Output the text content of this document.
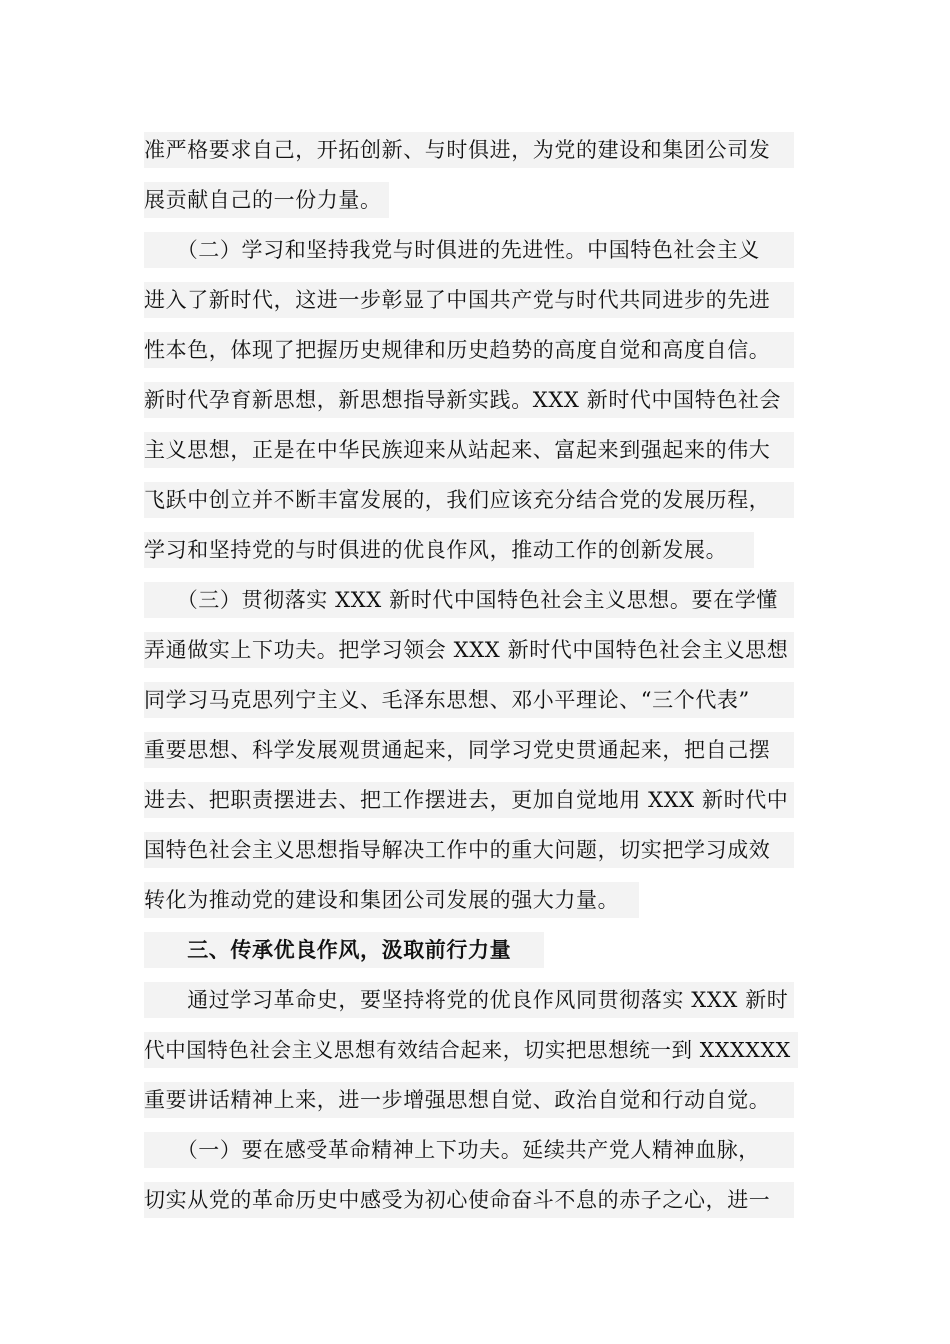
准严格要求自己，开拓创新、与时俱进，为党的建设和集团公司发
展贡献自己的一份力量。
　　（二）学习和坚持我党与时俱进的先进性。中国特色社会主义
进入了新时代，这进一步彰显了中国共产党与时代共同进步的先进
性本色，体现了把握历史规律和历史趋势的高度自觉和高度自信。
新时代孕育新思想，新思想指导新实践。XXX 新时代中国特色社会
主义思想，正是在中华民族迎来从站起来、富起来到强起来的伟大
飞跃中创立并不断丰富发展的，我们应该充分结合党的发展历程，
学习和坚持党的与时俱进的优良作风，推动工作的创新发展。
　　（三）贯彻落实 XXX 新时代中国特色社会主义思想。要在学懂
弄通做实上下功夫。把学习领会 XXX 新时代中国特色社会主义思想
同学习马克思列宁主义、毛泽东思想、邓小平理论、“三个代表”
重要思想、科学发展观贯通起来，同学习党史贯通起来，把自己摆
进去、把职责摆进去、把工作摆进去，更加自觉地用 XXX 新时代中
国特色社会主义思想指导解决工作中的重大问题，切实把学习成效
转化为推动党的建设和集团公司发展的强大力量。
　　三、传承优良作风，汲取前行力量
　　通过学习革命史，要坚持将党的优良作风同贯彻落实 XXX 新时
代中国特色社会主义思想有效结合起来，切实把思想统一到 XXXXXX
重要讲话精神上来，进一步增强思想自觉、政治自觉和行动自觉。
　　（一）要在感受革命精神上下功夫。延续共产党人精神血脉，
切实从党的革命历史中感受为初心使命奋斗不息的赤子之心，进一
